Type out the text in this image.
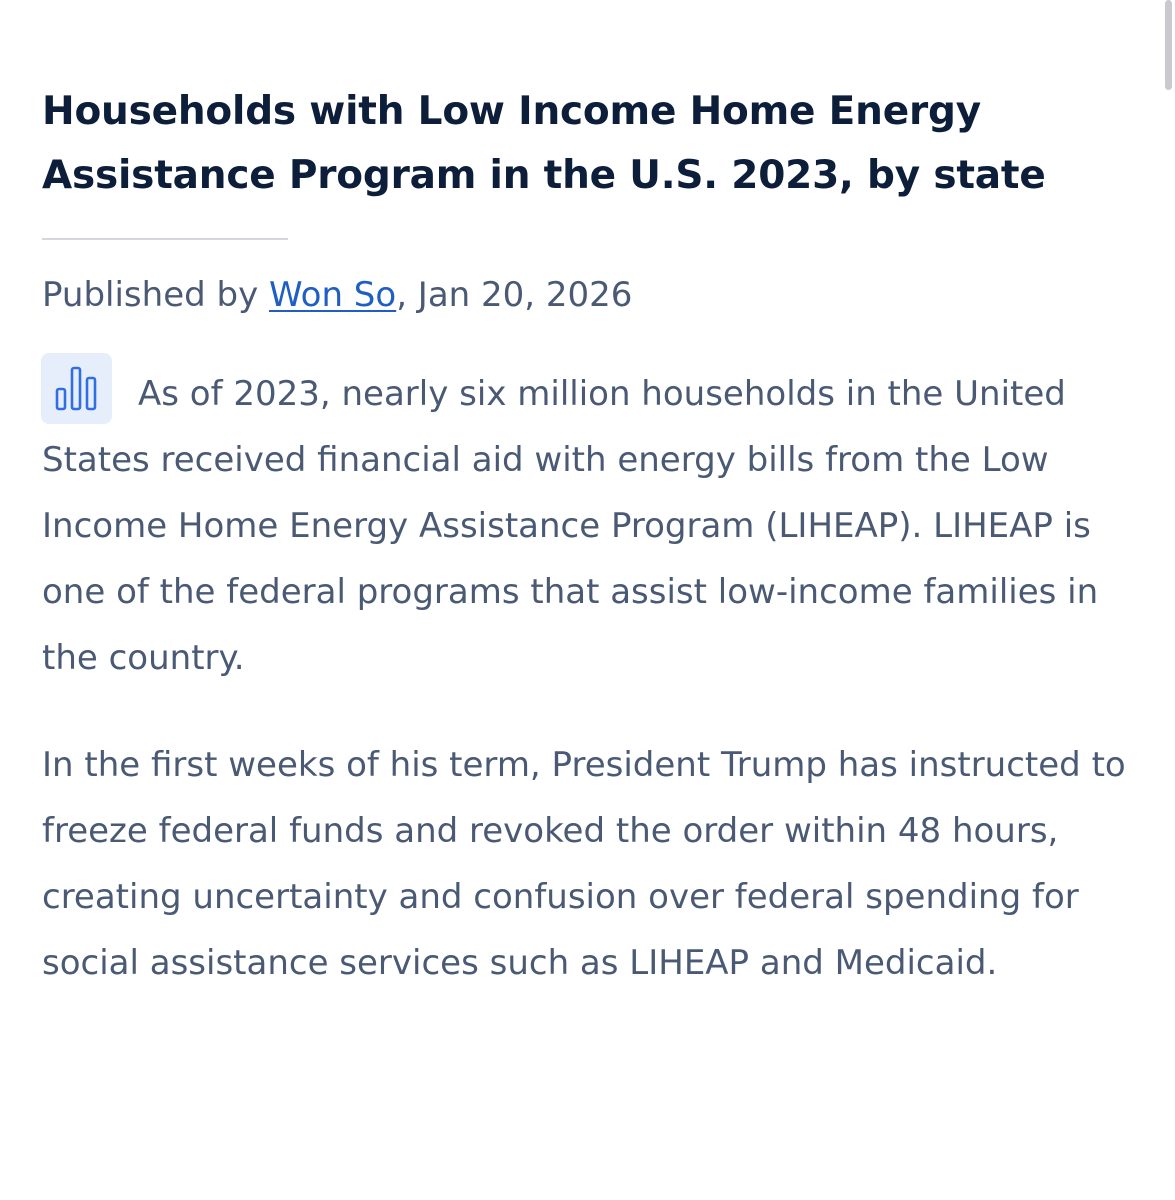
Households with Low Income Home Energy Assistance Program in the U.S. 2023, by state
Published by Won So, Jan 20, 2026

As of 2023, nearly six million households in the United States received financial aid with energy bills from the Low Income Home Energy Assistance Program (LIHEAP). LIHEAP is one of the federal programs that assist low-income families in the country.

In the first weeks of his term, President Trump has instructed to freeze federal funds and revoked the order within 48 hours, creating uncertainty and confusion over federal spending for social assistance services such as LIHEAP and Medicaid.
